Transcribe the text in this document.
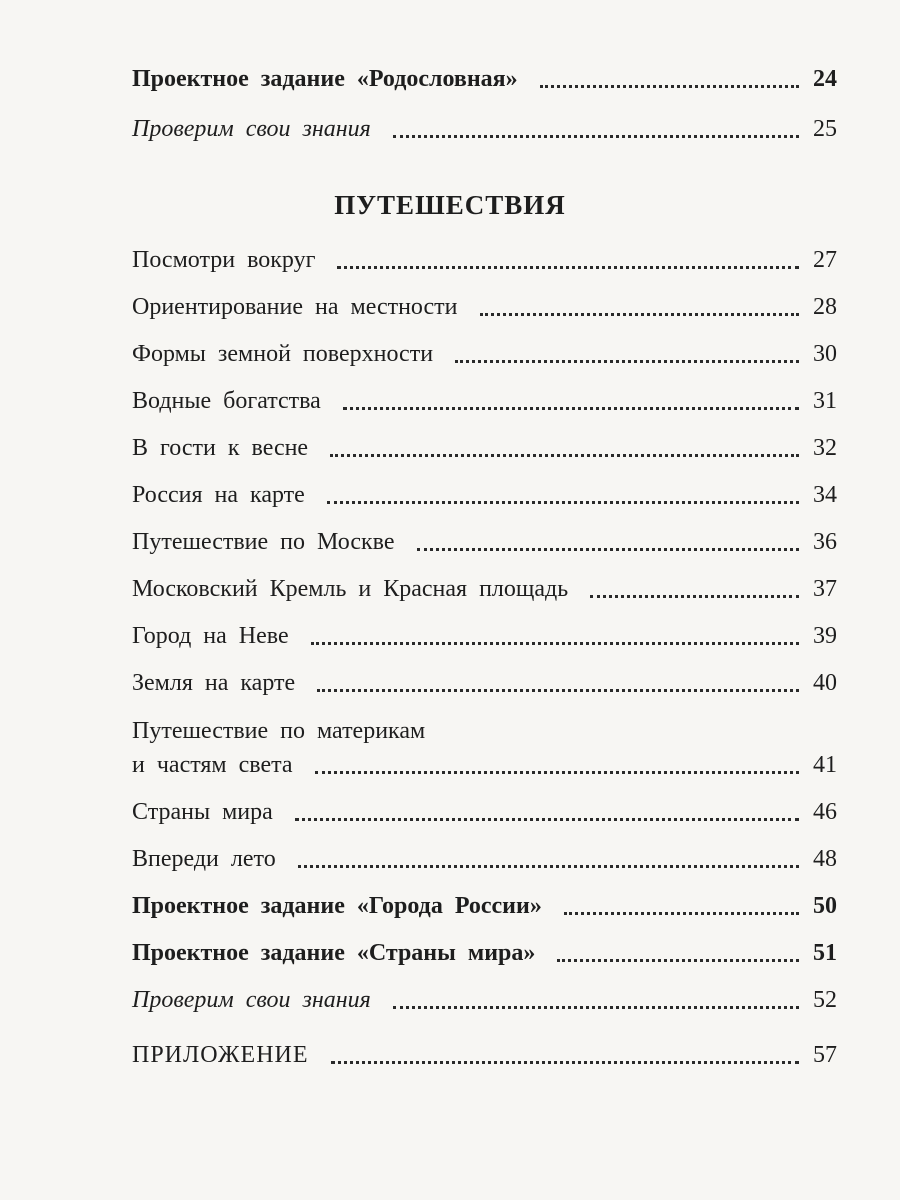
Проектное задание «Родословная»	24
Проверим свои знания	25
ПУТЕШЕСТВИЯ
Посмотри вокруг	27
Ориентирование на местности	28
Формы земной поверхности	30
Водные богатства	31
В гости к весне	32
Россия на карте	34
Путешествие по Москве	36
Московский Кремль и Красная площадь	37
Город на Неве	39
Земля на карте	40
Путешествие по материкам
и частям света	41
Страны мира	46
Впереди лето	48
Проектное задание «Города России»	50
Проектное задание «Страны мира»	51
Проверим свои знания	52
ПРИЛОЖЕНИЕ	57
